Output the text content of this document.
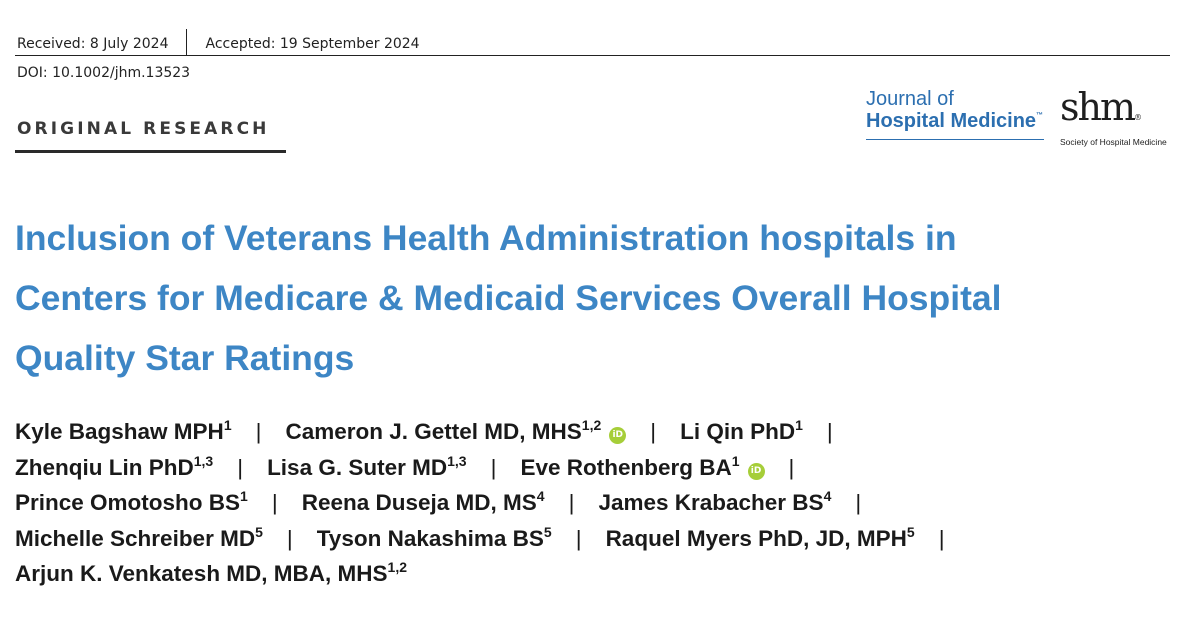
Received: 8 July 2024	Accepted: 19 September 2024
DOI: 10.1002/jhm.13523
ORIGINAL RESEARCH
Journal of
Hospital Medicine™ shm®
Society of Hospital Medicine
Inclusion of Veterans Health Administration hospitals in
Centers for Medicare & Medicaid Services Overall Hospital
Quality Star Ratings
Kyle Bagshaw MPH$^1$ | Cameron J. Gettel MD, MHS$^{1,2}$iD | Li Qin PhD$^1$ |
Zhenqiu Lin PhD$^{1,3}$ | Lisa G. Suter MD$^{1,3}$ | Eve Rothenberg BA$^1$iD |
Prince Omotosho BS$^1$ | Reena Duseja MD, MS$^4$ | James Krabacher BS$^4$ |
Michelle Schreiber MD$^5$ | Tyson Nakashima BS$^5$ | Raquel Myers PhD, JD, MPH$^5$ |
Arjun K. Venkatesh MD, MBA, MHS$^{1,2}$
